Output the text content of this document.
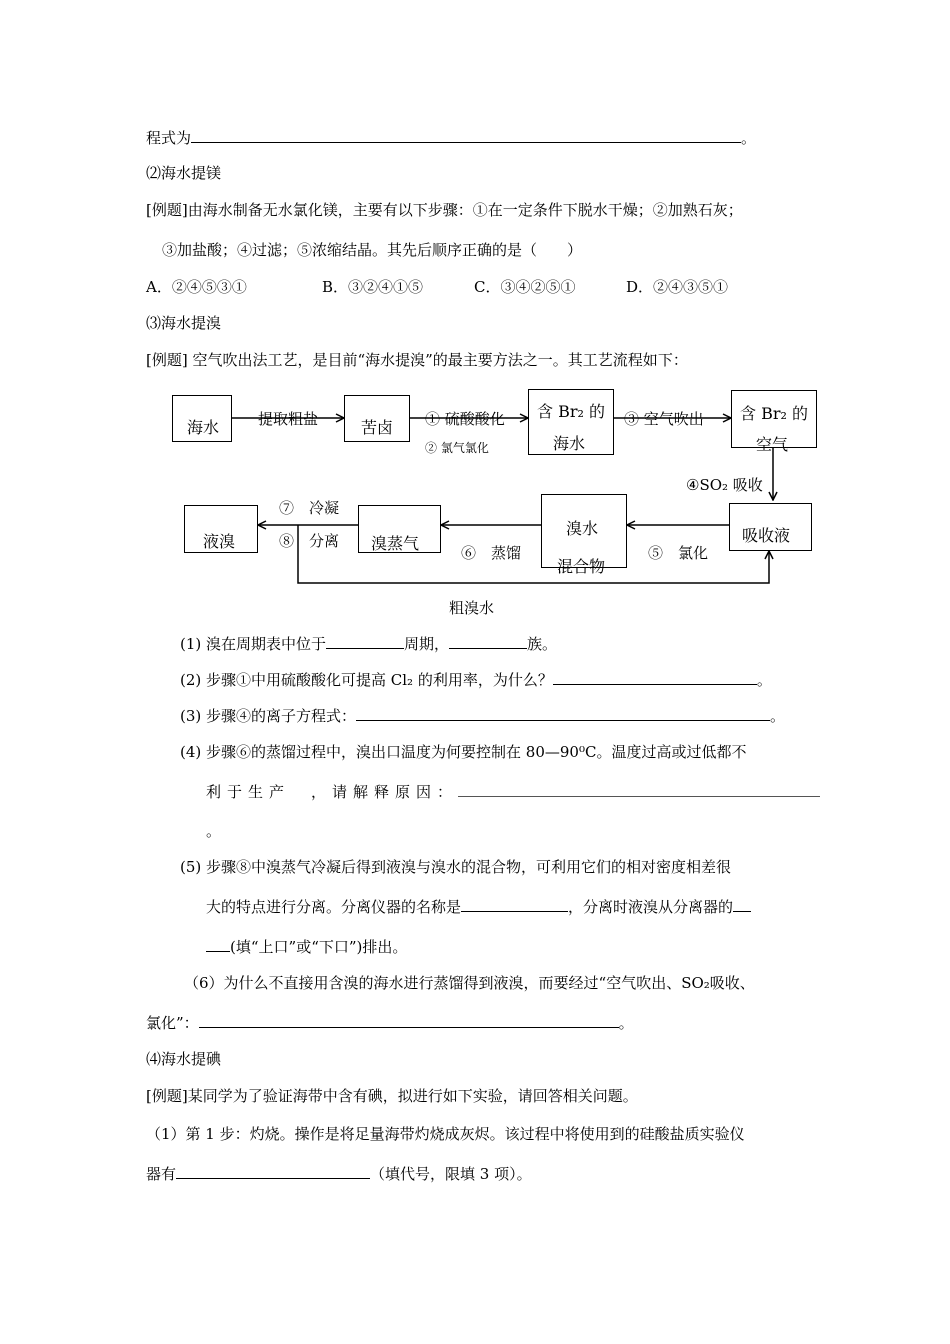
程式为	。
⑵海水提镁
[例题]由海水制备无水氯化镁，主要有以下步骤：①在一定条件下脱水干燥；②加熟石灰；
③加盐酸；④过滤；⑤浓缩结晶。其先后顺序正确的是（　　）
A．②④⑤③①	B．③②④①⑤	C．③④②⑤①	D．②④③⑤①
⑶海水提溴
[例题] 空气吹出法工艺，是目前“海水提溴”的最主要方法之一。其工艺流程如下：
海水	苦卤
含 Br₂ 的
海水
含 Br₂ 的
空气
吸收液
溴水
混合物
溴蒸气
液溴
提取粗盐	① 硫酸酸化
② 氯气氯化
③ 空气吹出
④SO₂ 吸收
⑤　氯化
⑥　蒸馏
⑦　冷凝
⑧　分离
粗溴水
(1) 溴在周期表中位于	周期，	族。
(2) 步骤①中用硫酸酸化可提高 Cl₂ 的利用率，为什么？	。
(3) 步骤④的离子方程式：	。
(4) 步骤⑥的蒸馏过程中，溴出口温度为何要控制在 80—90⁰C。温度过高或过低都不
利于生产　，请解释原因：
。
(5) 步骤⑧中溴蒸气冷凝后得到液溴与溴水的混合物，可利用它们的相对密度相差很
大的特点进行分离。分离仪器的名称是	，分离时液溴从分离器的
(填“上口”或“下口”)排出。
（6）为什么不直接用含溴的海水进行蒸馏得到液溴，而要经过“空气吹出、SO₂吸收、
氯化”：	。
⑷海水提碘
[例题]某同学为了验证海带中含有碘，拟进行如下实验，请回答相关问题。
（1）第 1 步：灼烧。操作是将足量海带灼烧成灰烬。该过程中将使用到的硅酸盐质实验仪
器有	（填代号，限填 3 项）。
